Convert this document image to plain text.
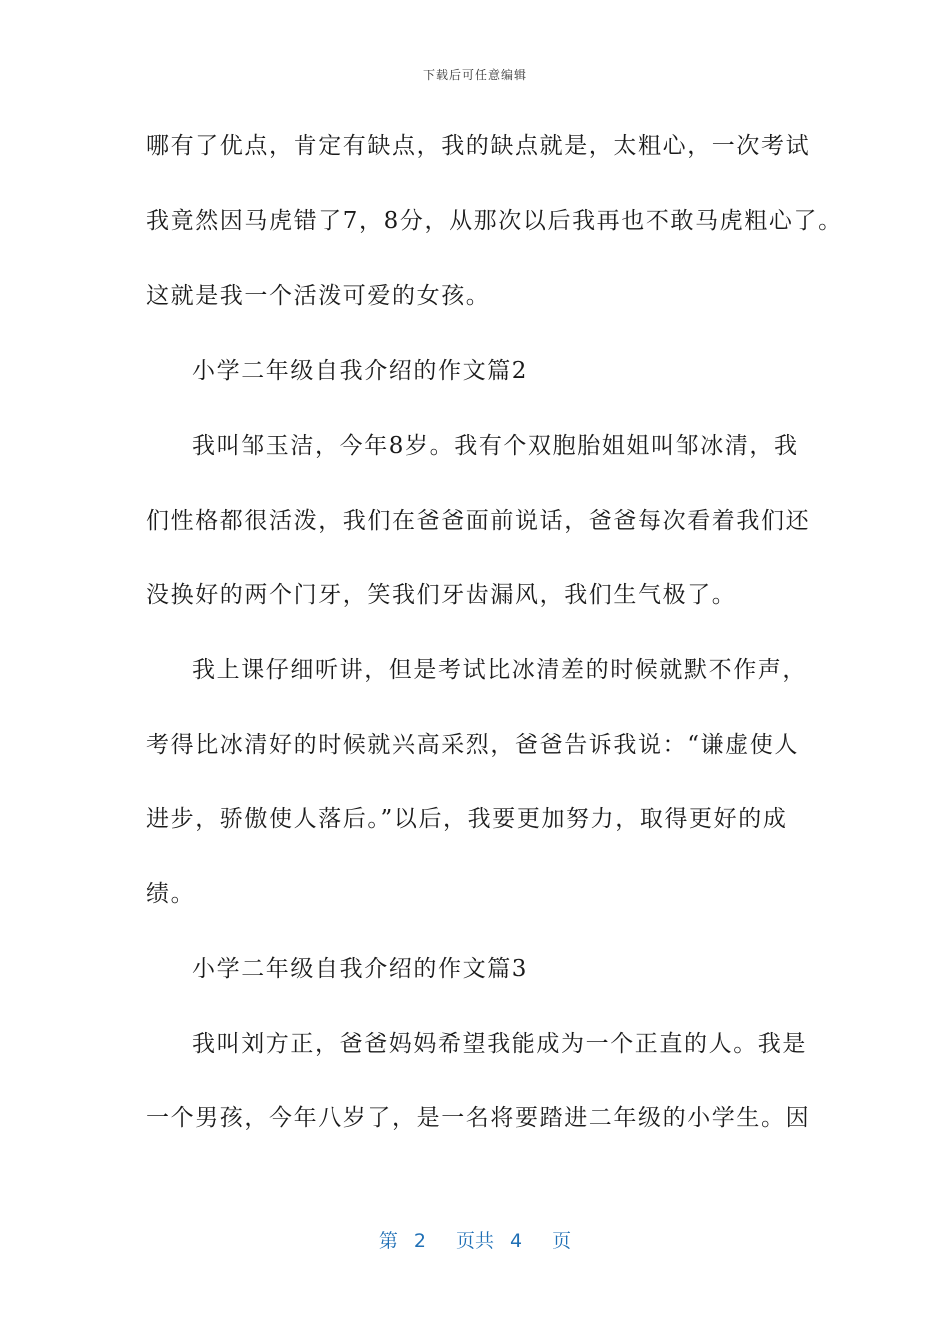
下载后可任意编辑
哪有了优点，肯定有缺点，我的缺点就是，太粗心，一次考试
我竟然因马虎错了7，8分，从那次以后我再也不敢马虎粗心了。
这就是我一个活泼可爱的女孩。
小学二年级自我介绍的作文篇2
我叫邹玉洁，今年8岁。我有个双胞胎姐姐叫邹冰清，我
们性格都很活泼，我们在爸爸面前说话，爸爸每次看着我们还
没换好的两个门牙，笑我们牙齿漏风，我们生气极了。
我上课仔细听讲，但是考试比冰清差的时候就默不作声，
考得比冰清好的时候就兴高采烈，爸爸告诉我说：“谦虚使人
进步，骄傲使人落后。”以后，我要更加努力，取得更好的成
绩。
小学二年级自我介绍的作文篇3
我叫刘方正，爸爸妈妈希望我能成为一个正直的人。我是
一个男孩，今年八岁了，是一名将要踏进二年级的小学生。因
第 2 页共 4 页
